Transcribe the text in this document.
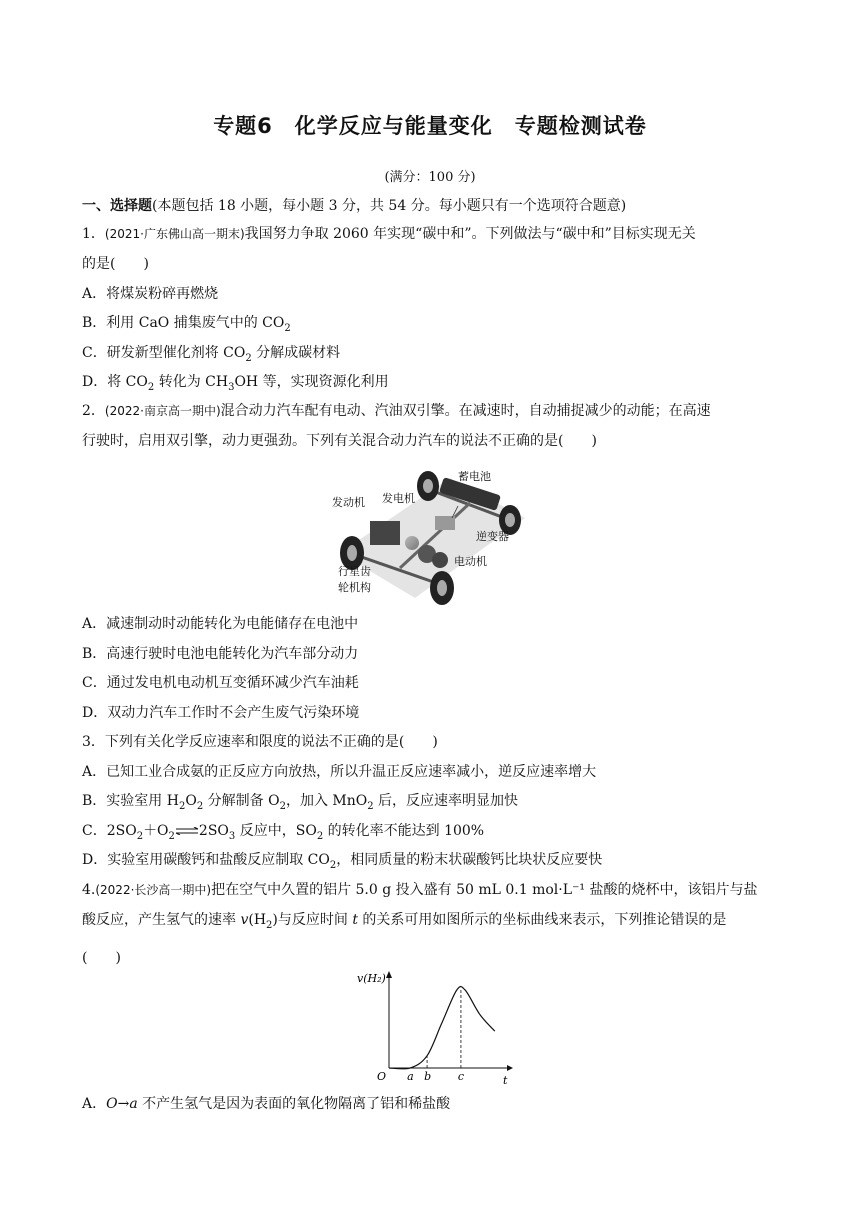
专题6　化学反应与能量变化　专题检测试卷
(满分：100 分)
一、选择题(本题包括 18 小题，每小题 3 分，共 54 分。每小题只有一个选项符合题意)
1．(2021·广东佛山高一期末)我国努力争取 2060 年实现“碳中和”。下列做法与“碳中和”目标实现无关
的是(　　)
A．将煤炭粉碎再燃烧
B．利用 CaO 捕集废气中的 $CO_2$
C．研发新型催化剂将 $CO_2$ 分解成碳材料
D．将 $CO_2$ 转化为 $CH_3OH$ 等，实现资源化利用
2．(2022·南京高一期中)混合动力汽车配有电动、汽油双引擎。在减速时，自动捕捉减少的动能；在高速
行驶时，启用双引擎，动力更强劲。下列有关混合动力汽车的说法不正确的是(　　)
蓄电池
发动机 发电机
逆变器
电动机
行星齿
轮机构
A．减速制动时动能转化为电能储存在电池中
B．高速行驶时电池电能转化为汽车部分动力
C．通过发电机电动机互变循环减少汽车油耗
D．双动力汽车工作时不会产生废气污染环境
3．下列有关化学反应速率和限度的说法不正确的是(　　)
A．已知工业合成氨的正反应方向放热，所以升温正反应速率减小，逆反应速率增大
B．实验室用 $H_2O_2$ 分解制备 $O_2$，加入 MnO$_2$ 后，反应速率明显加快
C．$2SO_2+O_2\rightleftharpoons 2SO_3$ 反应中，$SO_2$ 的转化率不能达到 100%
D．实验室用碳酸钙和盐酸反应制取 $CO_2$，相同质量的粉末状碳酸钙比块状反应要快
4.(2022·长沙高一期中)把在空气中久置的铝片 5.0 g 投入盛有 50 mL 0.1 mol·L⁻¹ 盐酸的烧杯中，该铝片与盐
酸反应，产生氢气的速率 $v(H_2)$与反应时间 t 的关系可用如图所示的坐标曲线来表示，下列推论错误的是
(　　)
v(H₂)
O	t
a b c
A．O→a 不产生氢气是因为表面的氧化物隔离了铝和稀盐酸
